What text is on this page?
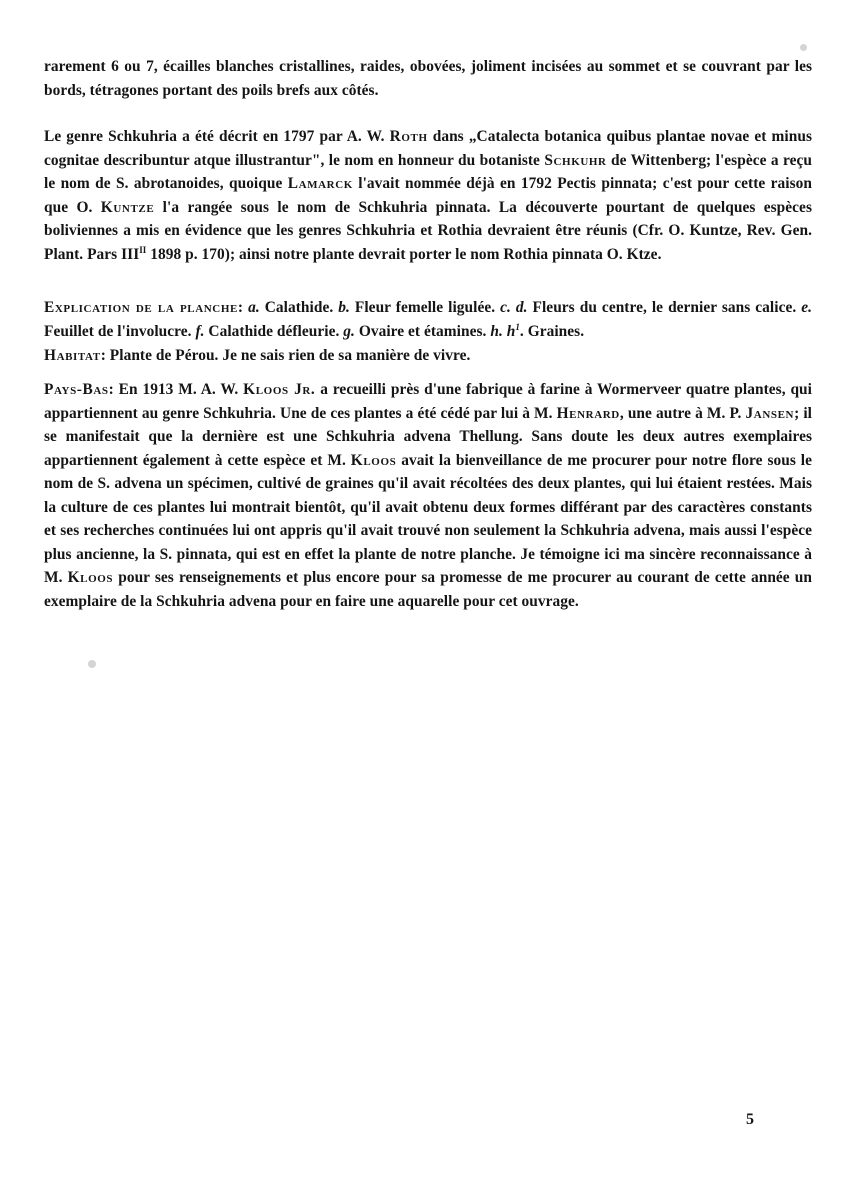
rarement 6 ou 7, écailles blanches cristallines, raides, obovées, joliment incisées au sommet et se couvrant par les bords, tétragones portant des poils brefs aux côtés.

Le genre Schkuhria a été décrit en 1797 par A. W. Roth dans „Catalecta botanica quibus plantae novae et minus cognitae describuntur atque illustrantur", le nom en honneur du botaniste Schkuhr de Wittenberg; l'espèce a reçu le nom de S. abrotanoides, quoique Lamarck l'avait nommée déjà en 1792 Pectis pinnata; c'est pour cette raison que O. Kuntze l'a rangée sous le nom de Schkuhria pinnata. La découverte pourtant de quelques espèces boliviennes a mis en évidence que les genres Schkuhria et Rothia devraient être réunis (Cfr. O. Kuntze, Rev. Gen. Plant. Pars $III^{II}$ 1898 p. 170); ainsi notre plante devrait porter le nom Rothia pinnata O. Ktze.

Explication de la planche: a. Calathide. b. Fleur femelle ligulée. c. d. Fleurs du centre, le dernier sans calice. e. Feuillet de l'involucre. f. Calathide défleurie. g. Ovaire et étamines. h. $h^1$. Graines.

Habitat: Plante de Pérou. Je ne sais rien de sa manière de vivre.

Pays-Bas: En 1913 M. A. W. Kloos Jr. a recueilli près d'une fabrique à farine à Wormerveer quatre plantes, qui appartiennent au genre Schkuhria. Une de ces plantes a été cédé par lui à M. Henrard, une autre à M. P. Jansen; il se manifestait que la dernière est une Schkuhria advena Thellung. Sans doute les deux autres exemplaires appartiennent également à cette espèce et M. Kloos avait la bienveillance de me procurer pour notre flore sous le nom de S. advena un spécimen, cultivé de graines qu'il avait récoltées des deux plantes, qui lui étaient restées. Mais la culture de ces plantes lui montrait bientôt, qu'il avait obtenu deux formes différant par des caractères constants et ses recherches continuées lui ont appris qu'il avait trouvé non seulement la Schkuhria advena, mais aussi l'espèce plus ancienne, la S. pinnata, qui est en effet la plante de notre planche. Je témoigne ici ma sincère reconnaissance à M. Kloos pour ses renseignements et plus encore pour sa promesse de me procurer au courant de cette année un exemplaire de la Schkuhria advena pour en faire une aquarelle pour cet ouvrage.

5
